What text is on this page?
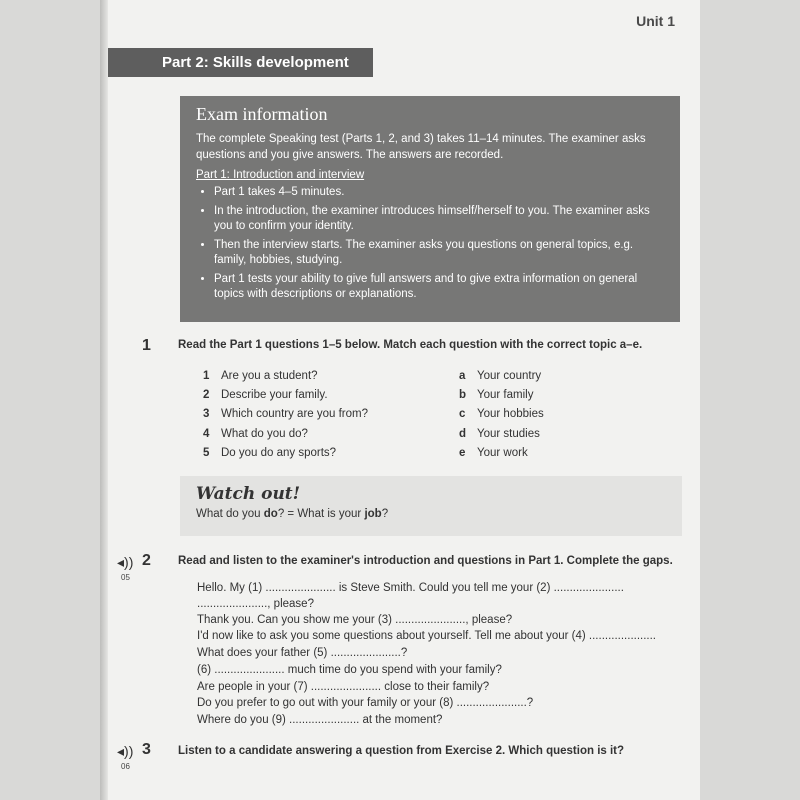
Unit 1
Part 2: Skills development
Exam information

The complete Speaking test (Parts 1, 2, and 3) takes 11–14 minutes. The examiner asks questions and you give answers. The answers are recorded.

Part 1: Introduction and interview
• Part 1 takes 4–5 minutes.
• In the introduction, the examiner introduces himself/herself to you. The examiner asks you to confirm your identity.
• Then the interview starts. The examiner asks you questions on general topics, e.g. family, hobbies, studying.
• Part 1 tests your ability to give full answers and to give extra information on general topics with descriptions or explanations.
1 Read the Part 1 questions 1–5 below. Match each question with the correct topic a–e.
1 Are you a student?
2 Describe your family.
3 Which country are you from?
4 What do you do?
5 Do you do any sports?
a Your country
b Your family
c Your hobbies
d Your studies
e Your work
Watch out!
What do you do? = What is your job?
◂))
05
2 Read and listen to the examiner's introduction and questions in Part 1. Complete the gaps.
Hello. My (1) ...................... is Steve Smith. Could you tell me your (2) ......................
......................, please?
Thank you. Can you show me your (3) ......................, please?
I'd now like to ask you some questions about yourself. Tell me about your (4) .....................
What does your father (5) ......................?
(6) ...................... much time do you spend with your family?
Are people in your (7) ...................... close to their family?
Do you prefer to go out with your family or your (8) ......................?
Where do you (9) ...................... at the moment?
◂))
06
3 Listen to a candidate answering a question from Exercise 2. Which question is it?
